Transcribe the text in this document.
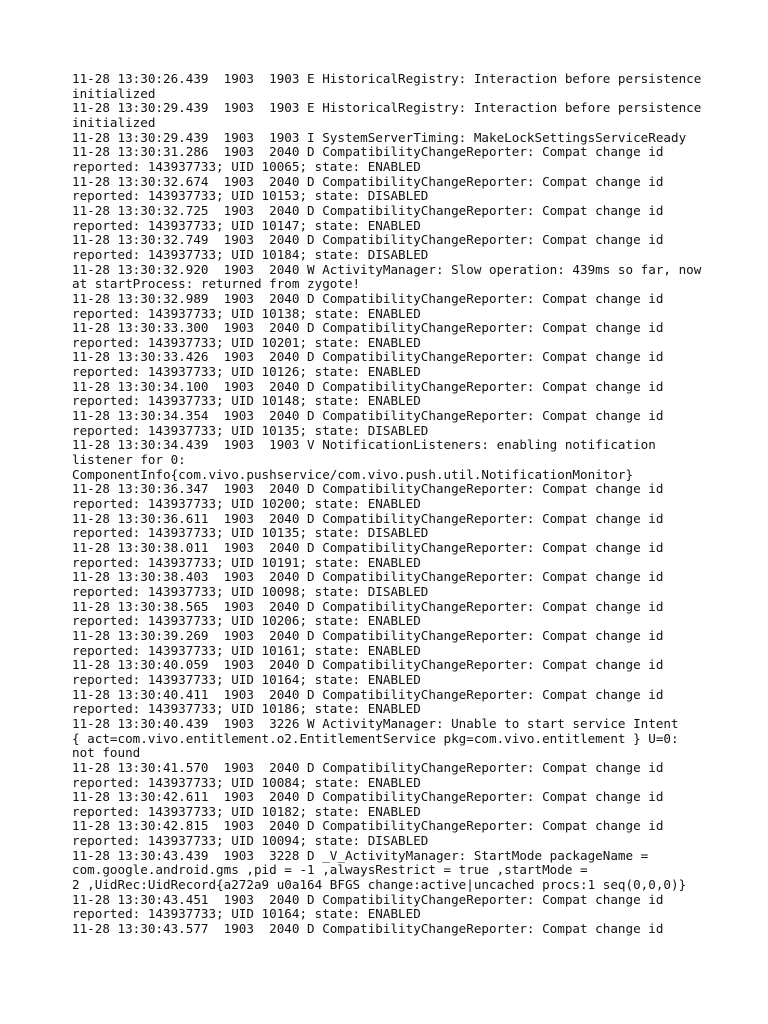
11-28 13:30:26.439  1903  1903 E HistoricalRegistry: Interaction before persistence
initialized
11-28 13:30:29.439  1903  1903 E HistoricalRegistry: Interaction before persistence
initialized
11-28 13:30:29.439  1903  1903 I SystemServerTiming: MakeLockSettingsServiceReady
11-28 13:30:31.286  1903  2040 D CompatibilityChangeReporter: Compat change id
reported: 143937733; UID 10065; state: ENABLED
11-28 13:30:32.674  1903  2040 D CompatibilityChangeReporter: Compat change id
reported: 143937733; UID 10153; state: DISABLED
11-28 13:30:32.725  1903  2040 D CompatibilityChangeReporter: Compat change id
reported: 143937733; UID 10147; state: ENABLED
11-28 13:30:32.749  1903  2040 D CompatibilityChangeReporter: Compat change id
reported: 143937733; UID 10184; state: DISABLED
11-28 13:30:32.920  1903  2040 W ActivityManager: Slow operation: 439ms so far, now
at startProcess: returned from zygote!
11-28 13:30:32.989  1903  2040 D CompatibilityChangeReporter: Compat change id
reported: 143937733; UID 10138; state: ENABLED
11-28 13:30:33.300  1903  2040 D CompatibilityChangeReporter: Compat change id
reported: 143937733; UID 10201; state: ENABLED
11-28 13:30:33.426  1903  2040 D CompatibilityChangeReporter: Compat change id
reported: 143937733; UID 10126; state: ENABLED
11-28 13:30:34.100  1903  2040 D CompatibilityChangeReporter: Compat change id
reported: 143937733; UID 10148; state: ENABLED
11-28 13:30:34.354  1903  2040 D CompatibilityChangeReporter: Compat change id
reported: 143937733; UID 10135; state: DISABLED
11-28 13:30:34.439  1903  1903 V NotificationListeners: enabling notification
listener for 0:
ComponentInfo{com.vivo.pushservice/com.vivo.push.util.NotificationMonitor}
11-28 13:30:36.347  1903  2040 D CompatibilityChangeReporter: Compat change id
reported: 143937733; UID 10200; state: ENABLED
11-28 13:30:36.611  1903  2040 D CompatibilityChangeReporter: Compat change id
reported: 143937733; UID 10135; state: DISABLED
11-28 13:30:38.011  1903  2040 D CompatibilityChangeReporter: Compat change id
reported: 143937733; UID 10191; state: ENABLED
11-28 13:30:38.403  1903  2040 D CompatibilityChangeReporter: Compat change id
reported: 143937733; UID 10098; state: DISABLED
11-28 13:30:38.565  1903  2040 D CompatibilityChangeReporter: Compat change id
reported: 143937733; UID 10206; state: ENABLED
11-28 13:30:39.269  1903  2040 D CompatibilityChangeReporter: Compat change id
reported: 143937733; UID 10161; state: ENABLED
11-28 13:30:40.059  1903  2040 D CompatibilityChangeReporter: Compat change id
reported: 143937733; UID 10164; state: ENABLED
11-28 13:30:40.411  1903  2040 D CompatibilityChangeReporter: Compat change id
reported: 143937733; UID 10186; state: ENABLED
11-28 13:30:40.439  1903  3226 W ActivityManager: Unable to start service Intent
{ act=com.vivo.entitlement.o2.EntitlementService pkg=com.vivo.entitlement } U=0:
not found
11-28 13:30:41.570  1903  2040 D CompatibilityChangeReporter: Compat change id
reported: 143937733; UID 10084; state: ENABLED
11-28 13:30:42.611  1903  2040 D CompatibilityChangeReporter: Compat change id
reported: 143937733; UID 10182; state: ENABLED
11-28 13:30:42.815  1903  2040 D CompatibilityChangeReporter: Compat change id
reported: 143937733; UID 10094; state: DISABLED
11-28 13:30:43.439  1903  3228 D _V_ActivityManager: StartMode packageName =
com.google.android.gms ,pid = -1 ,alwaysRestrict = true ,startMode =
2 ,UidRec:UidRecord{a272a9 u0a164 BFGS change:active|uncached procs:1 seq(0,0,0)}
11-28 13:30:43.451  1903  2040 D CompatibilityChangeReporter: Compat change id
reported: 143937733; UID 10164; state: ENABLED
11-28 13:30:43.577  1903  2040 D CompatibilityChangeReporter: Compat change id
